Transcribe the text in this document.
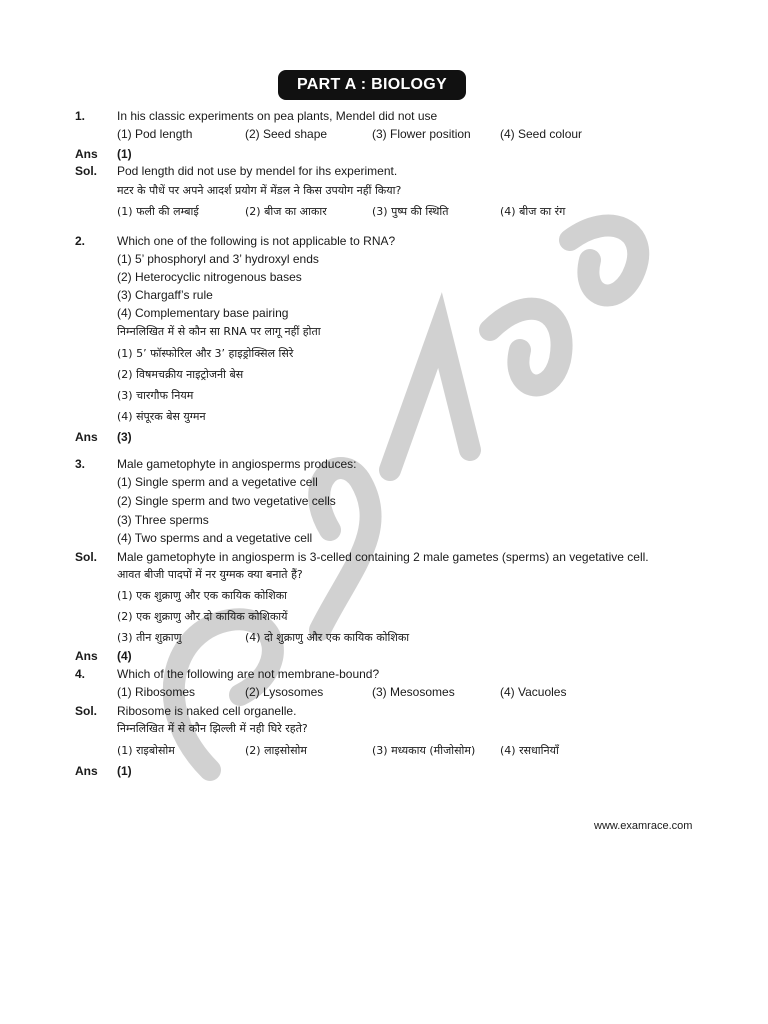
PART A : BIOLOGY
1.	In his classic experiments on pea plants, Mendel did not use
(1) Pod length	(2) Seed shape	(3) Flower position (4) Seed colour
Ans (1)
Sol. Pod length did not use by mendel for ihs experiment.
मटर के पौधें पर अपने आदर्श प्रयोग में मेंडल ने किस उपयोग नहीं किया?
(1) फली की लम्बाई	(2) बीज का आकार	(3) पुष्प की स्थिति	(4) बीज का रंग
2.	Which one of the following is not applicable to RNA?
(1) 5’ phosphoryl and 3’ hydroxyl ends
(2) Heterocyclic nitrogenous bases
(3) Chargaff’s rule
(4) Complementary base pairing
निम्नलिखित में से कौन सा RNA पर लागू नहीं होता
(1) 5’ फॉस्फोरिल और 3’ हाइड्रोक्सिल सिरे
(2) विषमचक्रीय नाइट्रोजनी बेस
(3) चारगौफ नियम
(4) संपूरक बेस युग्मन
Ans (3)
3.	Male gametophyte in angiosperms produces:
(1) Single sperm and a vegetative cell
(2) Single sperm and two vegetative cells
(3) Three sperms
(4) Two sperms and a vegetative cell
Sol. Male gametophyte in angiosperm is 3-celled containing 2 male gametes (sperms) an vegetative cell.
आवत बीजी पादपों में नर युग्मक क्या बनाते हैं?
(1) एक शुक्राणु और एक कायिक कोशिका
(2) एक शुक्राणु और दो कायिक कोशिकायें
(3) तीन शुक्राणु	(4) दो शुक्राणु और एक कायिक कोशिका
Ans (4)
4.	Which of the following are not membrane-bound?
(1) Ribosomes	(2) Lysosomes	(3) Mesosomes	(4) Vacuoles
Sol. Ribosome is naked cell organelle.
निम्नलिखित में से कौन झिल्ली में नही घिरे रहते?
(1) राइबोसोम	(2) लाइसोसोम	(3) मध्यकाय (मीजोसोम) (4) रसधानियाँ
Ans (1)
www.examrace.com
